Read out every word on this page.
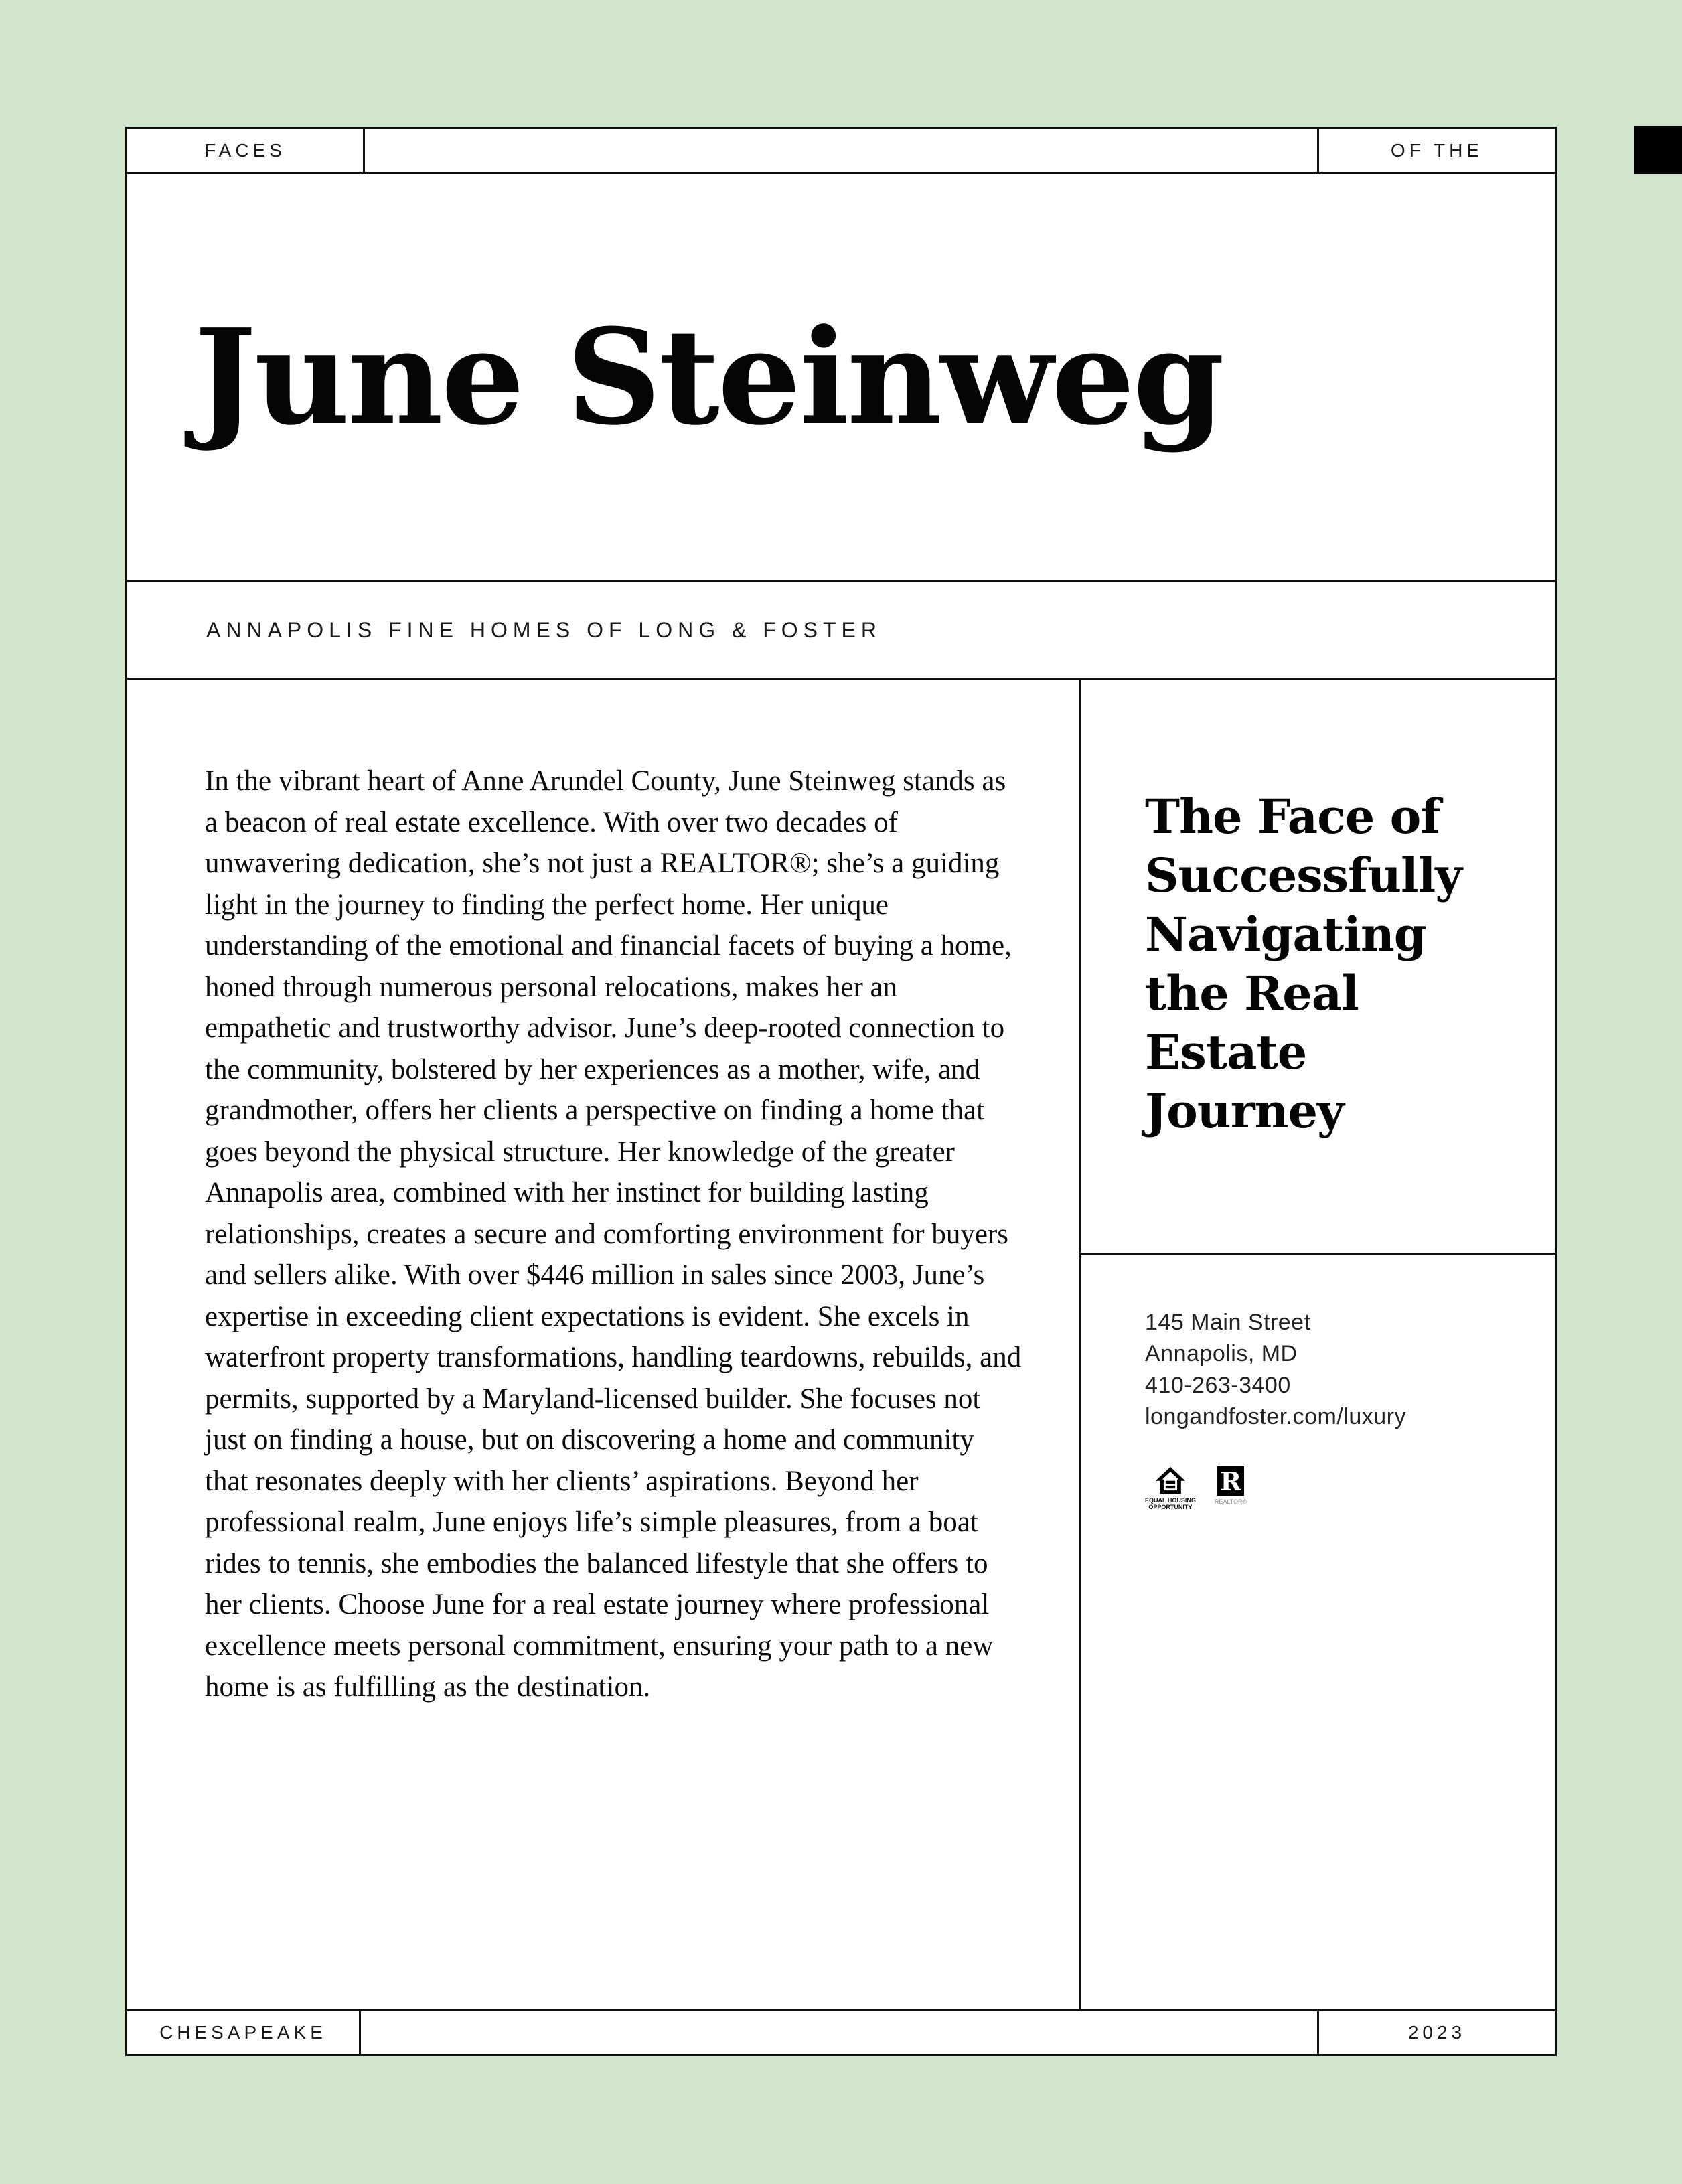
FACES	OF THE
June Steinweg
ANNAPOLIS FINE HOMES OF LONG & FOSTER

In the vibrant heart of Anne Arundel County, June Steinweg stands as a beacon of real estate excellence. With over two decades of unwavering dedication, she’s not just a REALTOR®; she’s a guiding light in the journey to finding the perfect home. Her unique understanding of the emotional and financial facets of buying a home, honed through numerous personal relocations, makes her an empathetic and trustworthy advisor. June’s deep-rooted connection to the community, bolstered by her experiences as a mother, wife, and grandmother, offers her clients a perspective on finding a home that goes beyond the physical structure. Her knowledge of the greater Annapolis area, combined with her instinct for building lasting relationships, creates a secure and comforting environment for buyers and sellers alike. With over $446 million in sales since 2003, June’s expertise in exceeding client expectations is evident. She excels in waterfront property transformations, handling teardowns, rebuilds, and permits, supported by a Maryland-licensed builder. She focuses not just on finding a house, but on discovering a home and community that resonates deeply with her clients’ aspirations. Beyond her professional realm, June enjoys life’s simple pleasures, from a boat rides to tennis, she embodies the balanced lifestyle that she offers to her clients. Choose June for a real estate journey where professional excellence meets personal commitment, ensuring your path to a new home is as fulfilling as the destination.

The Face of Successfully Navigating the Real Estate Journey
145 Main Street
Annapolis, MD
410-263-3400
longandfoster.com/luxury
EQUAL HOUSING
OPPORTUNITY
R
REALTOR®
CHESAPEAKE	2023
